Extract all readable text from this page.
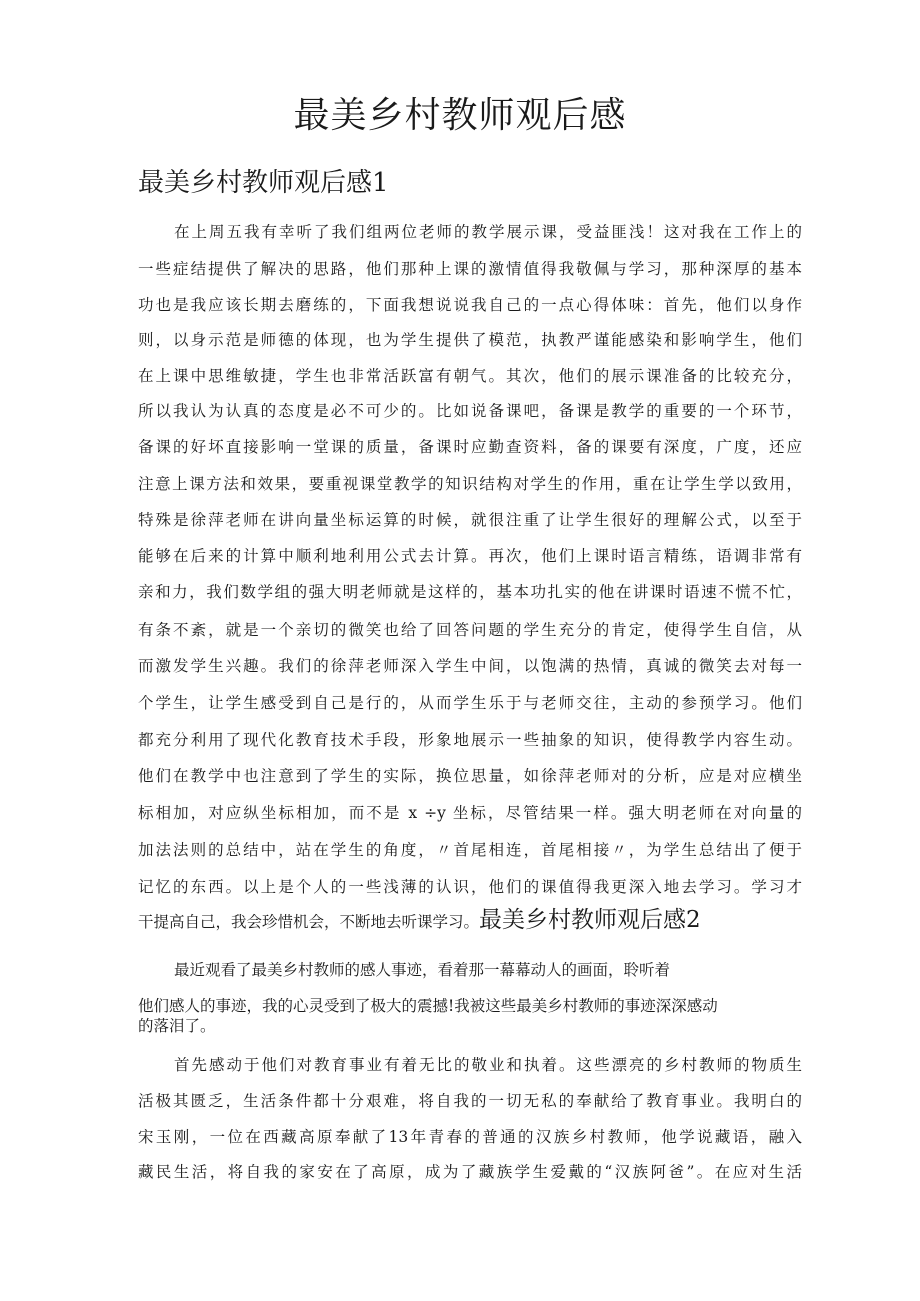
最美乡村教师观后感
最美乡村教师观后感1
在上周五我有幸听了我们组两位老师的教学展示课，受益匪浅！这对我在工作上的
一些症结提供了解决的思路，他们那种上课的激情值得我敬佩与学习，那种深厚的基本
功也是我应该长期去磨练的，下面我想说说我自己的一点心得体味：首先，他们以身作
则，以身示范是师德的体现，也为学生提供了模范，执教严谨能感染和影响学生，他们
在上课中思维敏捷，学生也非常活跃富有朝气。其次，他们的展示课准备的比较充分，
所以我认为认真的态度是必不可少的。比如说备课吧，备课是教学的重要的一个环节，
备课的好坏直接影响一堂课的质量，备课时应勤查资料，备的课要有深度，广度，还应
注意上课方法和效果，要重视课堂教学的知识结构对学生的作用，重在让学生学以致用，
特殊是徐萍老师在讲向量坐标运算的时候，就很注重了让学生很好的理解公式，以至于
能够在后来的计算中顺利地利用公式去计算。再次，他们上课时语言精练，语调非常有
亲和力，我们数学组的强大明老师就是这样的，基本功扎实的他在讲课时语速不慌不忙，
有条不紊，就是一个亲切的微笑也给了回答问题的学生充分的肯定，使得学生自信，从
而激发学生兴趣。我们的徐萍老师深入学生中间，以饱满的热情，真诚的微笑去对每一
个学生，让学生感受到自己是行的，从而学生乐于与老师交往，主动的参预学习。他们
都充分利用了现代化教育技术手段，形象地展示一些抽象的知识，使得教学内容生动。
他们在教学中也注意到了学生的实际，换位思量，如徐萍老师对的分析，应是对应横坐
标相加，对应纵坐标相加，而不是 x ÷y 坐标，尽管结果一样。强大明老师在对向量的
加法法则的总结中，站在学生的角度，〃首尾相连，首尾相接〃，为学生总结出了便于
记忆的东西。以上是个人的一些浅薄的认识，他们的课值得我更深入地去学习。学习才
干提高自己，我会珍惜机会，不断地去听课学习。最美乡村教师观后感2
最近观看了最美乡村教师的感人事迹，看着那一幕幕动人的画面，聆听着
他们感人的事迹，我的心灵受到了极大的震撼!我被这些最美乡村教师的事迹深深感动
的落泪了。
首先感动于他们对教育事业有着无比的敬业和执着。这些漂亮的乡村教师的物质生
活极其匮乏，生活条件都十分艰难，将自我的一切无私的奉献给了教育事业。我明白的
宋玉刚，一位在西藏高原奉献了13年青春的普通的汉族乡村教师，他学说藏语，融入
藏民生活，将自我的家安在了高原，成为了藏族学生爱戴的“汉族阿爸”。在应对生活
